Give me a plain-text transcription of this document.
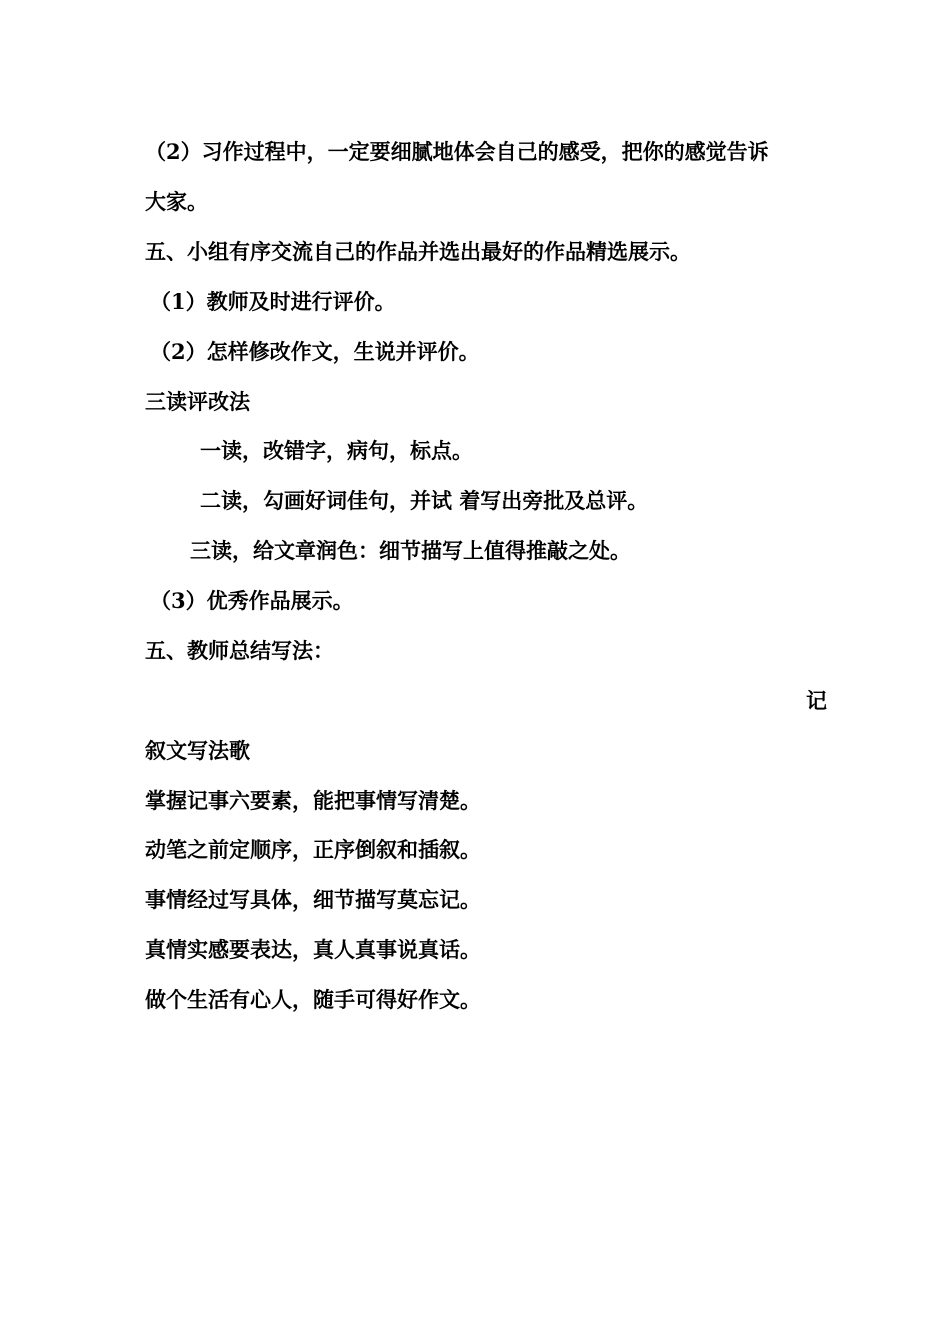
（2）习作过程中，一定要细腻地体会自己的感受，把你的感觉告诉
大家。
五、小组有序交流自己的作品并选出最好的作品精选展示。
（1）教师及时进行评价。
（2）怎样修改作文，生说并评价。
三读评改法
一读，改错字，病句，标点。
二读，勾画好词佳句，并试 着写出旁批及总评。
三读，给文章润色：细节描写上值得推敲之处。
（3）优秀作品展示。
五、教师总结写法：
记
叙文写法歌
掌握记事六要素，能把事情写清楚。
动笔之前定顺序，正序倒叙和插叙。
事情经过写具体，细节描写莫忘记。
真情实感要表达，真人真事说真话。
做个生活有心人，随手可得好作文。
